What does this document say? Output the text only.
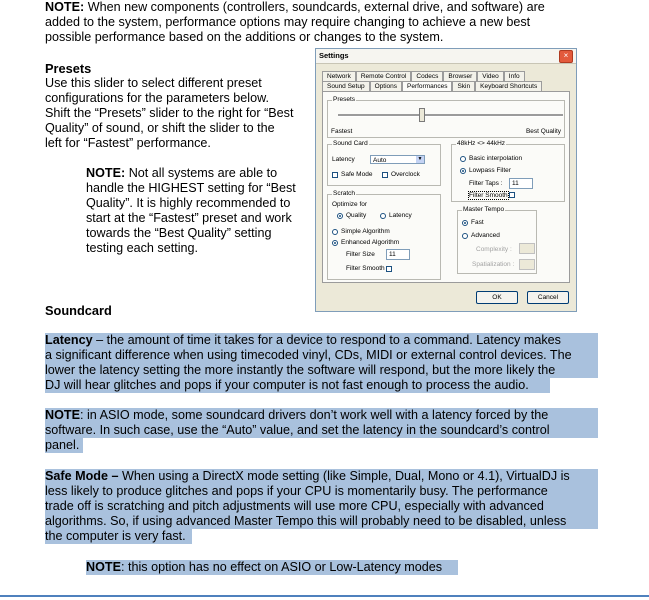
NOTE: When new components (controllers, soundcards, external drive, and software) are

added to the system, performance options may require changing to achieve a new best

possible performance based on the additions or changes to the system.

Presets

Use this slider to select different preset

configurations for the parameters below.

Shift the “Presets” slider to the right for “Best

Quality” of sound, or shift the slider to the

left for “Fastest” performance.

NOTE: Not all systems are able to

handle the HIGHEST setting for “Best

Quality”. It is highly recommended to

start at the “Fastest” preset and work

towards the “Best Quality” setting

testing each setting.

Soundcard

Latency – the amount of time it takes for a device to respond to a command. Latency makes

a significant difference when using timecoded vinyl, CDs, MIDI or external control devices. The

lower the latency setting the more instantly the software will respond, but the more likely the

DJ will hear glitches and pops if your computer is not fast enough to process the audio.

NOTE: in ASIO mode, some soundcard drivers don’t work well with a latency forced by the

software. In such case, use the “Auto” value, and set the latency in the soundcard’s control

panel.

Safe Mode – When using a DirectX mode setting (like Simple, Dual, Mono or 4.1), VirtualDJ is

less likely to produce glitches and pops if your CPU is momentarily busy. The performance

trade off is scratching and pitch adjustments will use more CPU, especially with advanced

algorithms. So, if using advanced Master Tempo this will probably need to be disabled, unless

the computer is very fast.

NOTE: this option has no effect on ASIO or Low-Latency modes

Settings	×
Network	Remote Control	Codecs	Browser	Video	Info
Sound Setup	Options	Performances	Skin	Keyboard Shortcuts
Presets
Fastest	Best Quality
Sound Card
Latency	Auto	▼
Safe Mode	Overclock
Scratch
Optimize for
Quality	Latency
Simple Algorithm
Enhanced Algorithm
Filter Size	11
Filter Smooth
48kHz <> 44kHz
Basic interpolation
Lowpass Filter
Filter Taps :	11
Filter Smooth
Master Tempo
Fast
Advanced
Complexity :
Spatialization :
OK	Cancel
